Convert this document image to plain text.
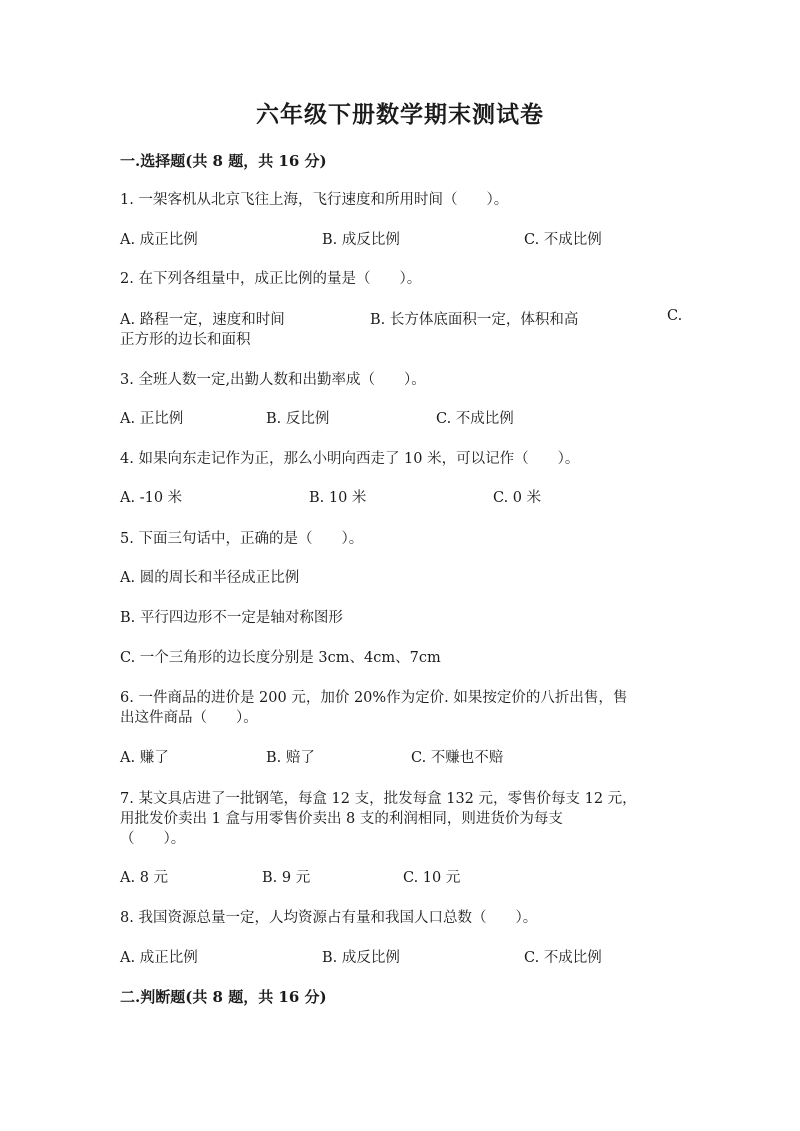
六年级下册数学期末测试卷
一.选择题(共 8 题，共 16 分)
1. 一架客机从北京飞往上海，飞行速度和所用时间（　　）。
A. 成正比例	B. 成反比例	C. 不成比例
2. 在下列各组量中，成正比例的量是（　　）。
A. 路程一定，速度和时间	B. 长方体底面积一定，体积和高	C.
正方形的边长和面积
3. 全班人数一定,出勤人数和出勤率成（　　）。
A. 正比例	B. 反比例	C. 不成比例
4. 如果向东走记作为正，那么小明向西走了 10 米，可以记作（　　）。
A. -10 米	B. 10 米	C. 0 米
5. 下面三句话中，正确的是（　　）。
A. 圆的周长和半径成正比例
B. 平行四边形不一定是轴对称图形
C. 一个三角形的边长度分别是 3cm、4cm、7cm
6. 一件商品的进价是 200 元，加价 20%作为定价. 如果按定价的八折出售，售
出这件商品（　　）。
A. 赚了	B. 赔了	C. 不赚也不赔
7. 某文具店进了一批钢笔，每盒 12 支，批发每盒 132 元，零售价每支 12 元，
用批发价卖出 1 盒与用零售价卖出 8 支的利润相同，则进货价为每支
（　　）。
A. 8 元	B. 9 元	C. 10 元
8. 我国资源总量一定，人均资源占有量和我国人口总数（　　）。
A. 成正比例	B. 成反比例	C. 不成比例
二.判断题(共 8 题，共 16 分)
